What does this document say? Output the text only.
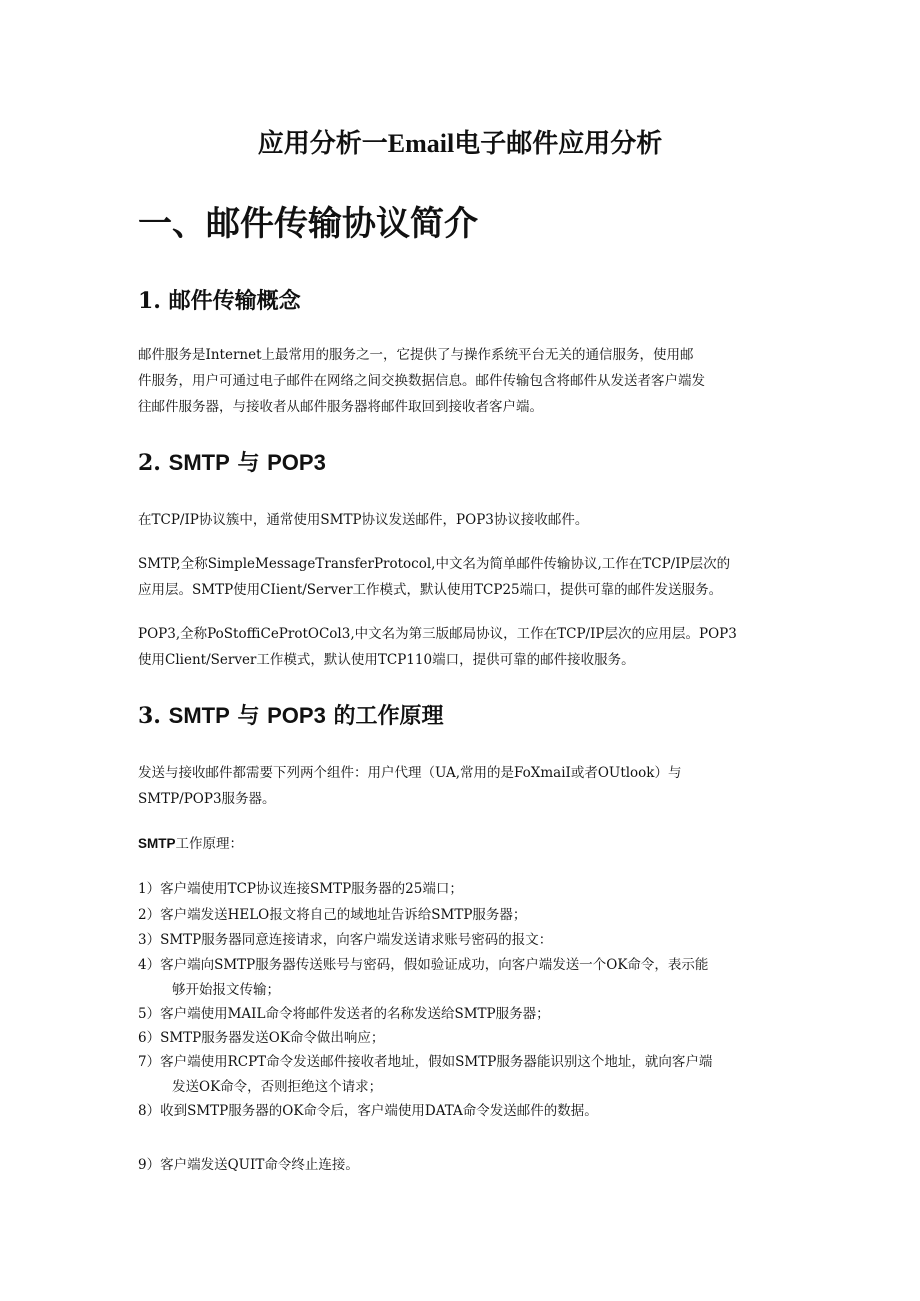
应用分析一Email电子邮件应用分析
一、邮件传输协议简介
1. 邮件传输概念

邮件服务是Internet上最常用的服务之一，它提供了与操作系统平台无关的通信服务，使用邮

件服务，用户可通过电子邮件在网络之间交换数据信息。邮件传输包含将邮件从发送者客户端发

往邮件服务器，与接收者从邮件服务器将邮件取回到接收者客户端。

2. SMTP 与 POP3

在TCP/IP协议簇中，通常使用SMTP协议发送邮件，POP3协议接收邮件。

SMTP,全称SimpleMessageTransferProtocol,中文名为简单邮件传输协议,工作在TCP/IP层次的

应用层。SMTP使用CIient/Server工作模式，默认使用TCP25端口，提供可靠的邮件发送服务。

POP3,全称PoStoffiCeProtOCol3,中文名为第三版邮局协议，工作在TCP/IP层次的应用层。POP3

使用Client/Server工作模式，默认使用TCP110端口，提供可靠的邮件接收服务。

3. SMTP 与 POP3 的工作原理

发送与接收邮件都需要下列两个组件：用户代理（UA,常用的是FoXmaiI或者OUtlook）与

SMTP/POP3服务器。

SMTP工作原理：

1）客户端使用TCP协议连接SMTP服务器的25端口；

2）客户端发送HELO报文将自己的域地址告诉给SMTP服务器；

3）SMTP服务器同意连接请求，向客户端发送请求账号密码的报文：

4）客户端向SMTP服务器传送账号与密码，假如验证成功，向客户端发送一个OK命令，表示能

够开始报文传输；

5）客户端使用MAIL命令将邮件发送者的名称发送给SMTP服务器；

6）SMTP服务器发送OK命令做出响应；

7）客户端使用RCPT命令发送邮件接收者地址，假如SMTP服务器能识别这个地址，就向客户端

发送OK命令，否则拒绝这个请求；

8）收到SMTP服务器的OK命令后，客户端使用DATA命令发送邮件的数据。

9）客户端发送QUIT命令终止连接。
